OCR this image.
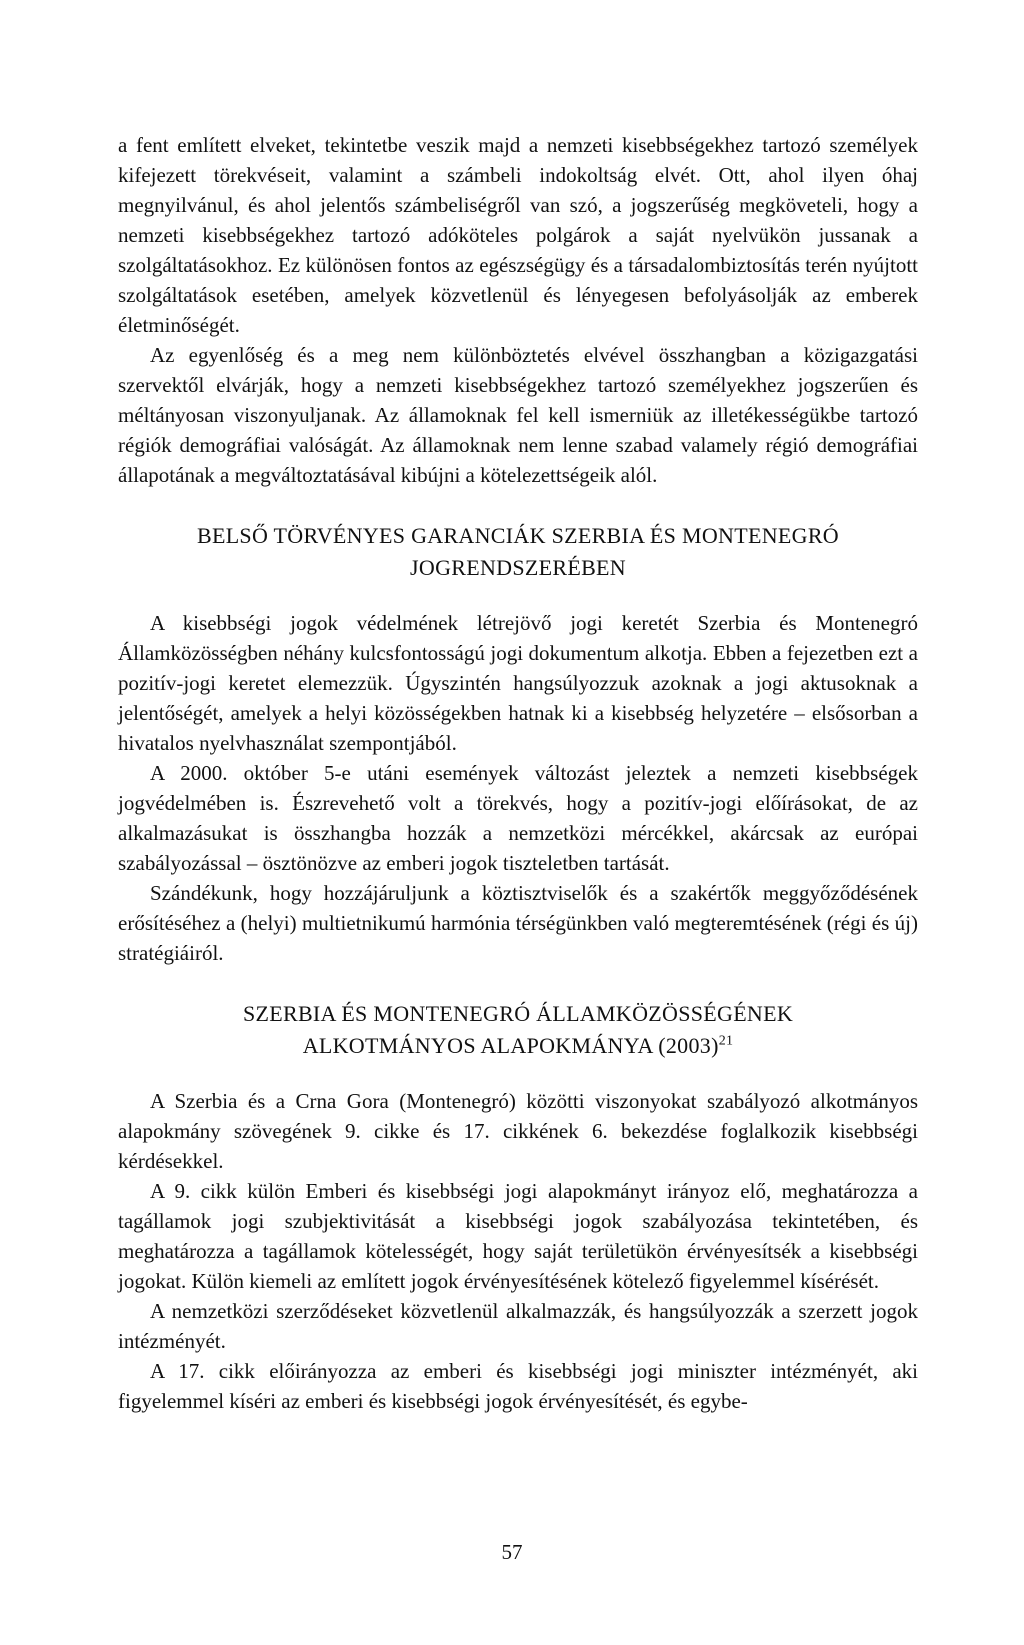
a fent említett elveket, tekintetbe veszik majd a nemzeti kisebbségekhez tartozó személyek kifejezett törekvéseit, valamint a számbeli indokoltság elvét. Ott, ahol ilyen óhaj megnyilvánul, és ahol jelentős számbeliségről van szó, a jogszerűség megköveteli, hogy a nemzeti kisebbségekhez tartozó adóköteles polgárok a saját nyelvükön jussanak a szolgáltatásokhoz. Ez különösen fontos az egészségügy és a társadalombiztosítás terén nyújtott szolgáltatások esetében, amelyek közvetlenül és lényegesen befolyásolják az emberek életminőségét.

Az egyenlőség és a meg nem különböztetés elvével összhangban a közigazgatási szervektől elvárják, hogy a nemzeti kisebbségekhez tartozó személyekhez jogszerűen és méltányosan viszonyuljanak. Az államoknak fel kell ismerniük az illetékességükbe tartozó régiók demográfiai valóságát. Az államoknak nem lenne szabad valamely régió demográfiai állapotának a megváltoztatásával kibújni a kötelezettségeik alól.

BELSŐ TÖRVÉNYES GARANCIÁK SZERBIA ÉS MONTENEGRÓ
JOGRENDSZERÉBEN

A kisebbségi jogok védelmének létrejövő jogi keretét Szerbia és Montenegró Államközösségben néhány kulcsfontosságú jogi dokumentum alkotja. Ebben a fejezetben ezt a pozitív-jogi keretet elemezzük. Úgyszintén hangsúlyozzuk azoknak a jogi aktusoknak a jelentőségét, amelyek a helyi közösségekben hatnak ki a kisebbség helyzetére – elsősorban a hivatalos nyelvhasználat szempontjából.

A 2000. október 5-e utáni események változást jeleztek a nemzeti kisebbségek jogvédelmében is. Észrevehető volt a törekvés, hogy a pozitív-jogi előírásokat, de az alkalmazásukat is összhangba hozzák a nemzetközi mércékkel, akárcsak az európai szabályozással – ösztönözve az emberi jogok tiszteletben tartását.

Szándékunk, hogy hozzájáruljunk a köztisztviselők és a szakértők meggyőződésének erősítéséhez a (helyi) multietnikumú harmónia térségünkben való megteremtésének (régi és új) stratégiáiról.

SZERBIA ÉS MONTENEGRÓ ÁLLAMKÖZÖSSÉGÉNEK
ALKOTMÁNYOS ALAPOKMÁNYA $(2003)^{21}$

A Szerbia és a Crna Gora (Montenegró) közötti viszonyokat szabályozó alkotmányos alapokmány szövegének 9. cikke és 17. cikkének 6. bekezdése foglalkozik kisebbségi kérdésekkel.

A 9. cikk külön Emberi és kisebbségi jogi alapokmányt irányoz elő, meghatározza a tagállamok jogi szubjektivitását a kisebbségi jogok szabályozása tekintetében, és meghatározza a tagállamok kötelességét, hogy saját területükön érvényesítsék a kisebbségi jogokat. Külön kiemeli az említett jogok érvényesítésének kötelező figyelemmel kísérését.

A nemzetközi szerződéseket közvetlenül alkalmazzák, és hangsúlyozzák a szerzett jogok intézményét.

A 17. cikk előirányozza az emberi és kisebbségi jogi miniszter intézményét, aki figyelemmel kíséri az emberi és kisebbségi jogok érvényesítését, és egybe-

57
